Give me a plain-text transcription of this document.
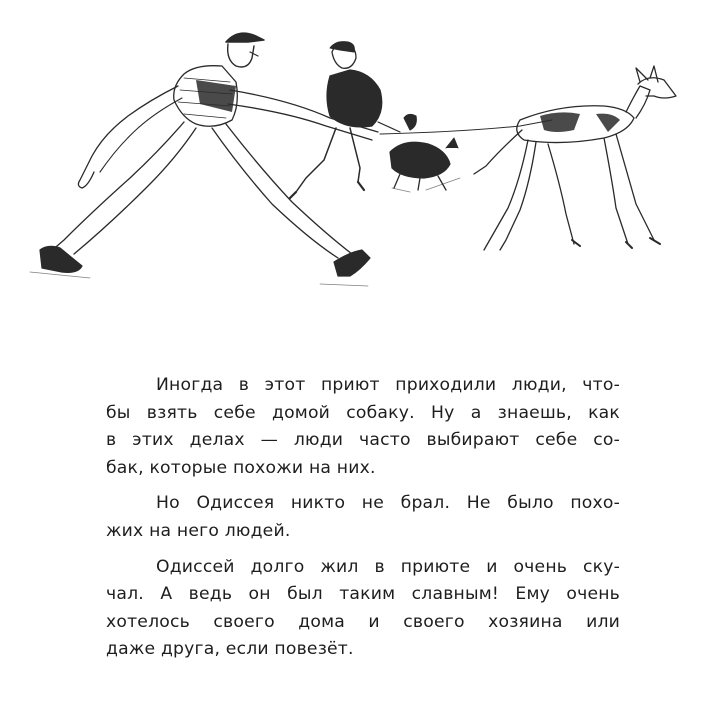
Иногда в этот приют приходили люди, что-
бы взять себе домой собаку. Ну а знаешь, как
в этих делах — люди часто выбирают себе со-
бак, которые похожи на них.

Но Одиссея никто не брал. Не было похо-
жих на него людей.

Одиссей долго жил в приюте и очень ску-
чал. А ведь он был таким славным! Ему очень
хотелось своего дома и своего хозяина или
даже друга, если повезёт.
